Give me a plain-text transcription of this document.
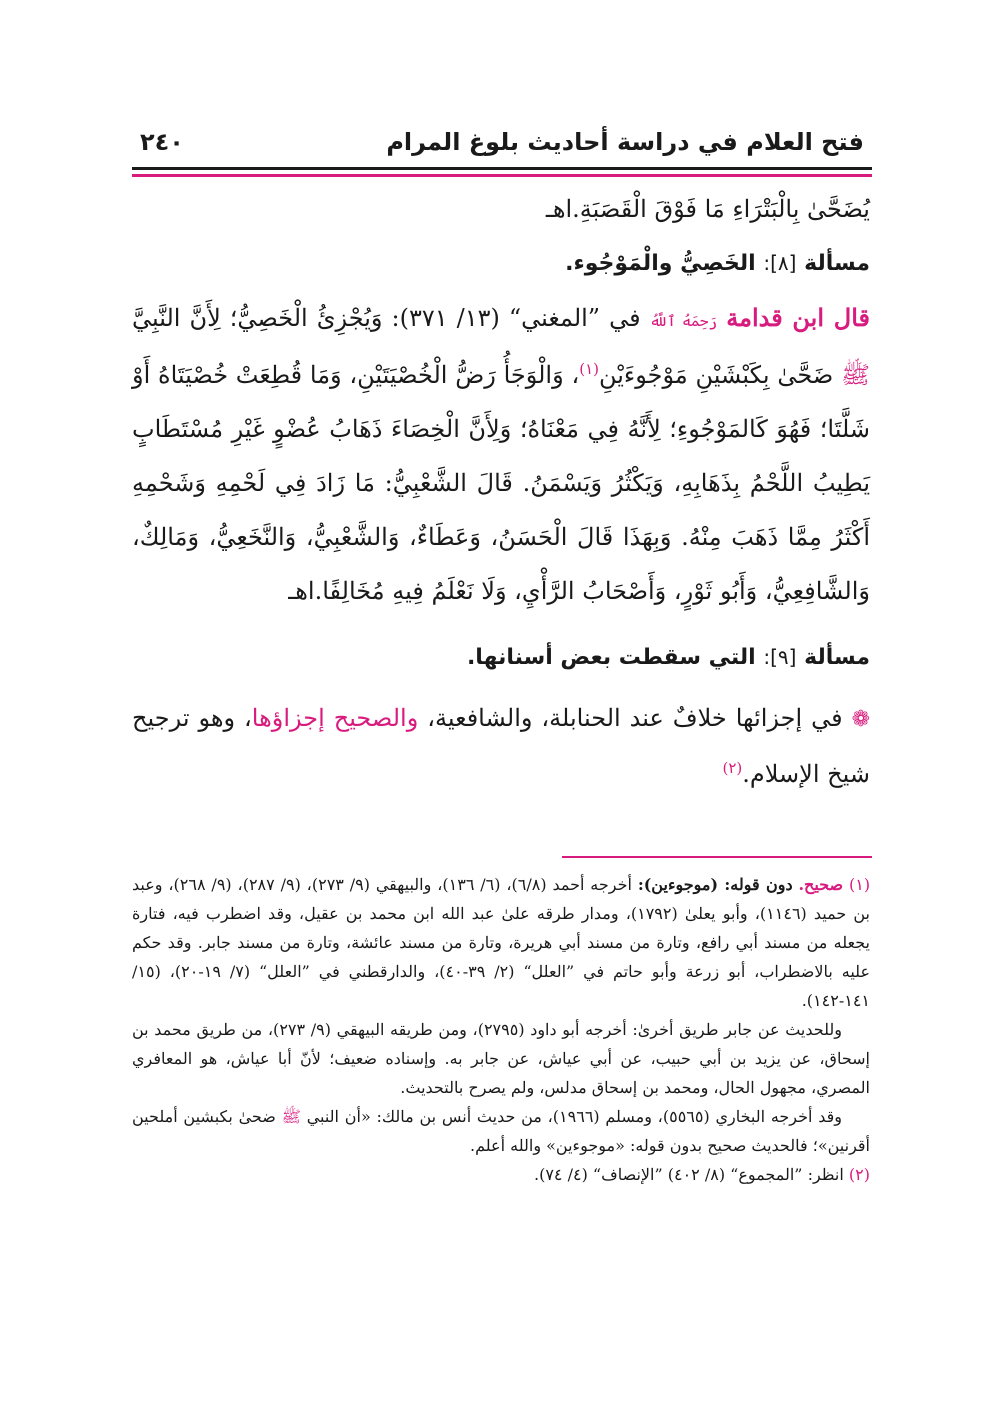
فتح العلام في دراسة أحاديث بلوغ المرام
٢٤٠

يُضَحَّىٰ بِالْبَتْرَاءِ مَا فَوْقَ الْقَصَبَةِ.اهـ

مسألة [٨]: الخَصِيُّ والْمَوْجُوء.

قال ابن قدامة رَحِمَهُ ٱللَّهُ في ”المغني“ (١٣/ ٣٧١): وَيُجْزِئُ الْخَصِيُّ؛ لِأَنَّ النَّبِيَّ ﷺ ضَحَّىٰ بِكَبْشَيْنِ مَوْجُوءَيْنِ$^{(١)}$، وَالْوَجَأُ رَضُّ الْخُصْيَتَيْنِ، وَمَا قُطِعَتْ خُصْيَتَاهُ أَوْ شَلَّتَا؛ فَهُوَ كَالمَوْجُوءِ؛ لِأَنَّهُ فِي مَعْنَاهُ؛ وَلِأَنَّ الْخِصَاءَ ذَهَابُ عُضْوٍ غَيْرِ مُسْتَطَابٍ يَطِيبُ اللَّحْمُ بِذَهَابِهِ، وَيَكْثُرُ وَيَسْمَنُ. قَالَ الشَّعْبِيُّ: مَا زَادَ فِي لَحْمِهِ وَشَحْمِهِ أَكْثَرُ مِمَّا ذَهَبَ مِنْهُ. وَبِهَذَا قَالَ الْحَسَنُ، وَعَطَاءٌ، وَالشَّعْبِيُّ، وَالنَّخَعِيُّ، وَمَالِكٌ، وَالشَّافِعِيُّ، وَأَبُو ثَوْرٍ، وَأَصْحَابُ الرَّأْيِ، وَلَا نَعْلَمُ فِيهِ مُخَالِفًا.اهـ

مسألة [٩]: التي سقطت بعض أسنانها.

❁ في إجزائها خلافٌ عند الحنابلة، والشافعية، والصحيح إجزاؤها، وهو ترجيح شيخ الإسلام.$^{(٢)}$

(١) صحيح. دون قوله: (موجوءين): أخرجه أحمد (٦/٨)، (٦/ ١٣٦)، والبيهقي (٩/ ٢٧٣)، (٩/ ٢٨٧)، (٩/ ٢٦٨)، وعبد بن حميد (١١٤٦)، وأبو يعلىٰ (١٧٩٢)، ومدار طرقه علىٰ عبد الله ابن محمد بن عقيل، وقد اضطرب فيه، فتارة يجعله من مسند أبي رافع، وتارة من مسند أبي هريرة، وتارة من مسند عائشة، وتارة من مسند جابر. وقد حكم عليه بالاضطراب، أبو زرعة وأبو حاتم في ”العلل“ (٢/ ٣٩-٤٠)، والدارقطني في ”العلل“ (٧/ ١٩-٢٠)، (١٥/ ١٤١-١٤٢).

وللحديث عن جابر طريق أخرىٰ: أخرجه أبو داود (٢٧٩٥)، ومن طريقه البيهقي (٩/ ٢٧٣)، من طريق محمد بن إسحاق، عن يزيد بن أبي حبيب، عن أبي عياش، عن جابر به. وإسناده ضعيف؛ لأنّ أبا عياش، هو المعافري المصري، مجهول الحال، ومحمد بن إسحاق مدلس، ولم يصرح بالتحديث.

وقد أخرجه البخاري (٥٥٦٥)، ومسلم (١٩٦٦)، من حديث أنس بن مالك: «أن النبي ﷺ ضحىٰ بكبشين أملحين أقرنين»؛ فالحديث صحيح بدون قوله: «موجوءين» والله أعلم.

(٢) انظر: ”المجموع“ (٨/ ٤٠٢) ”الإنصاف“ (٤/ ٧٤).
